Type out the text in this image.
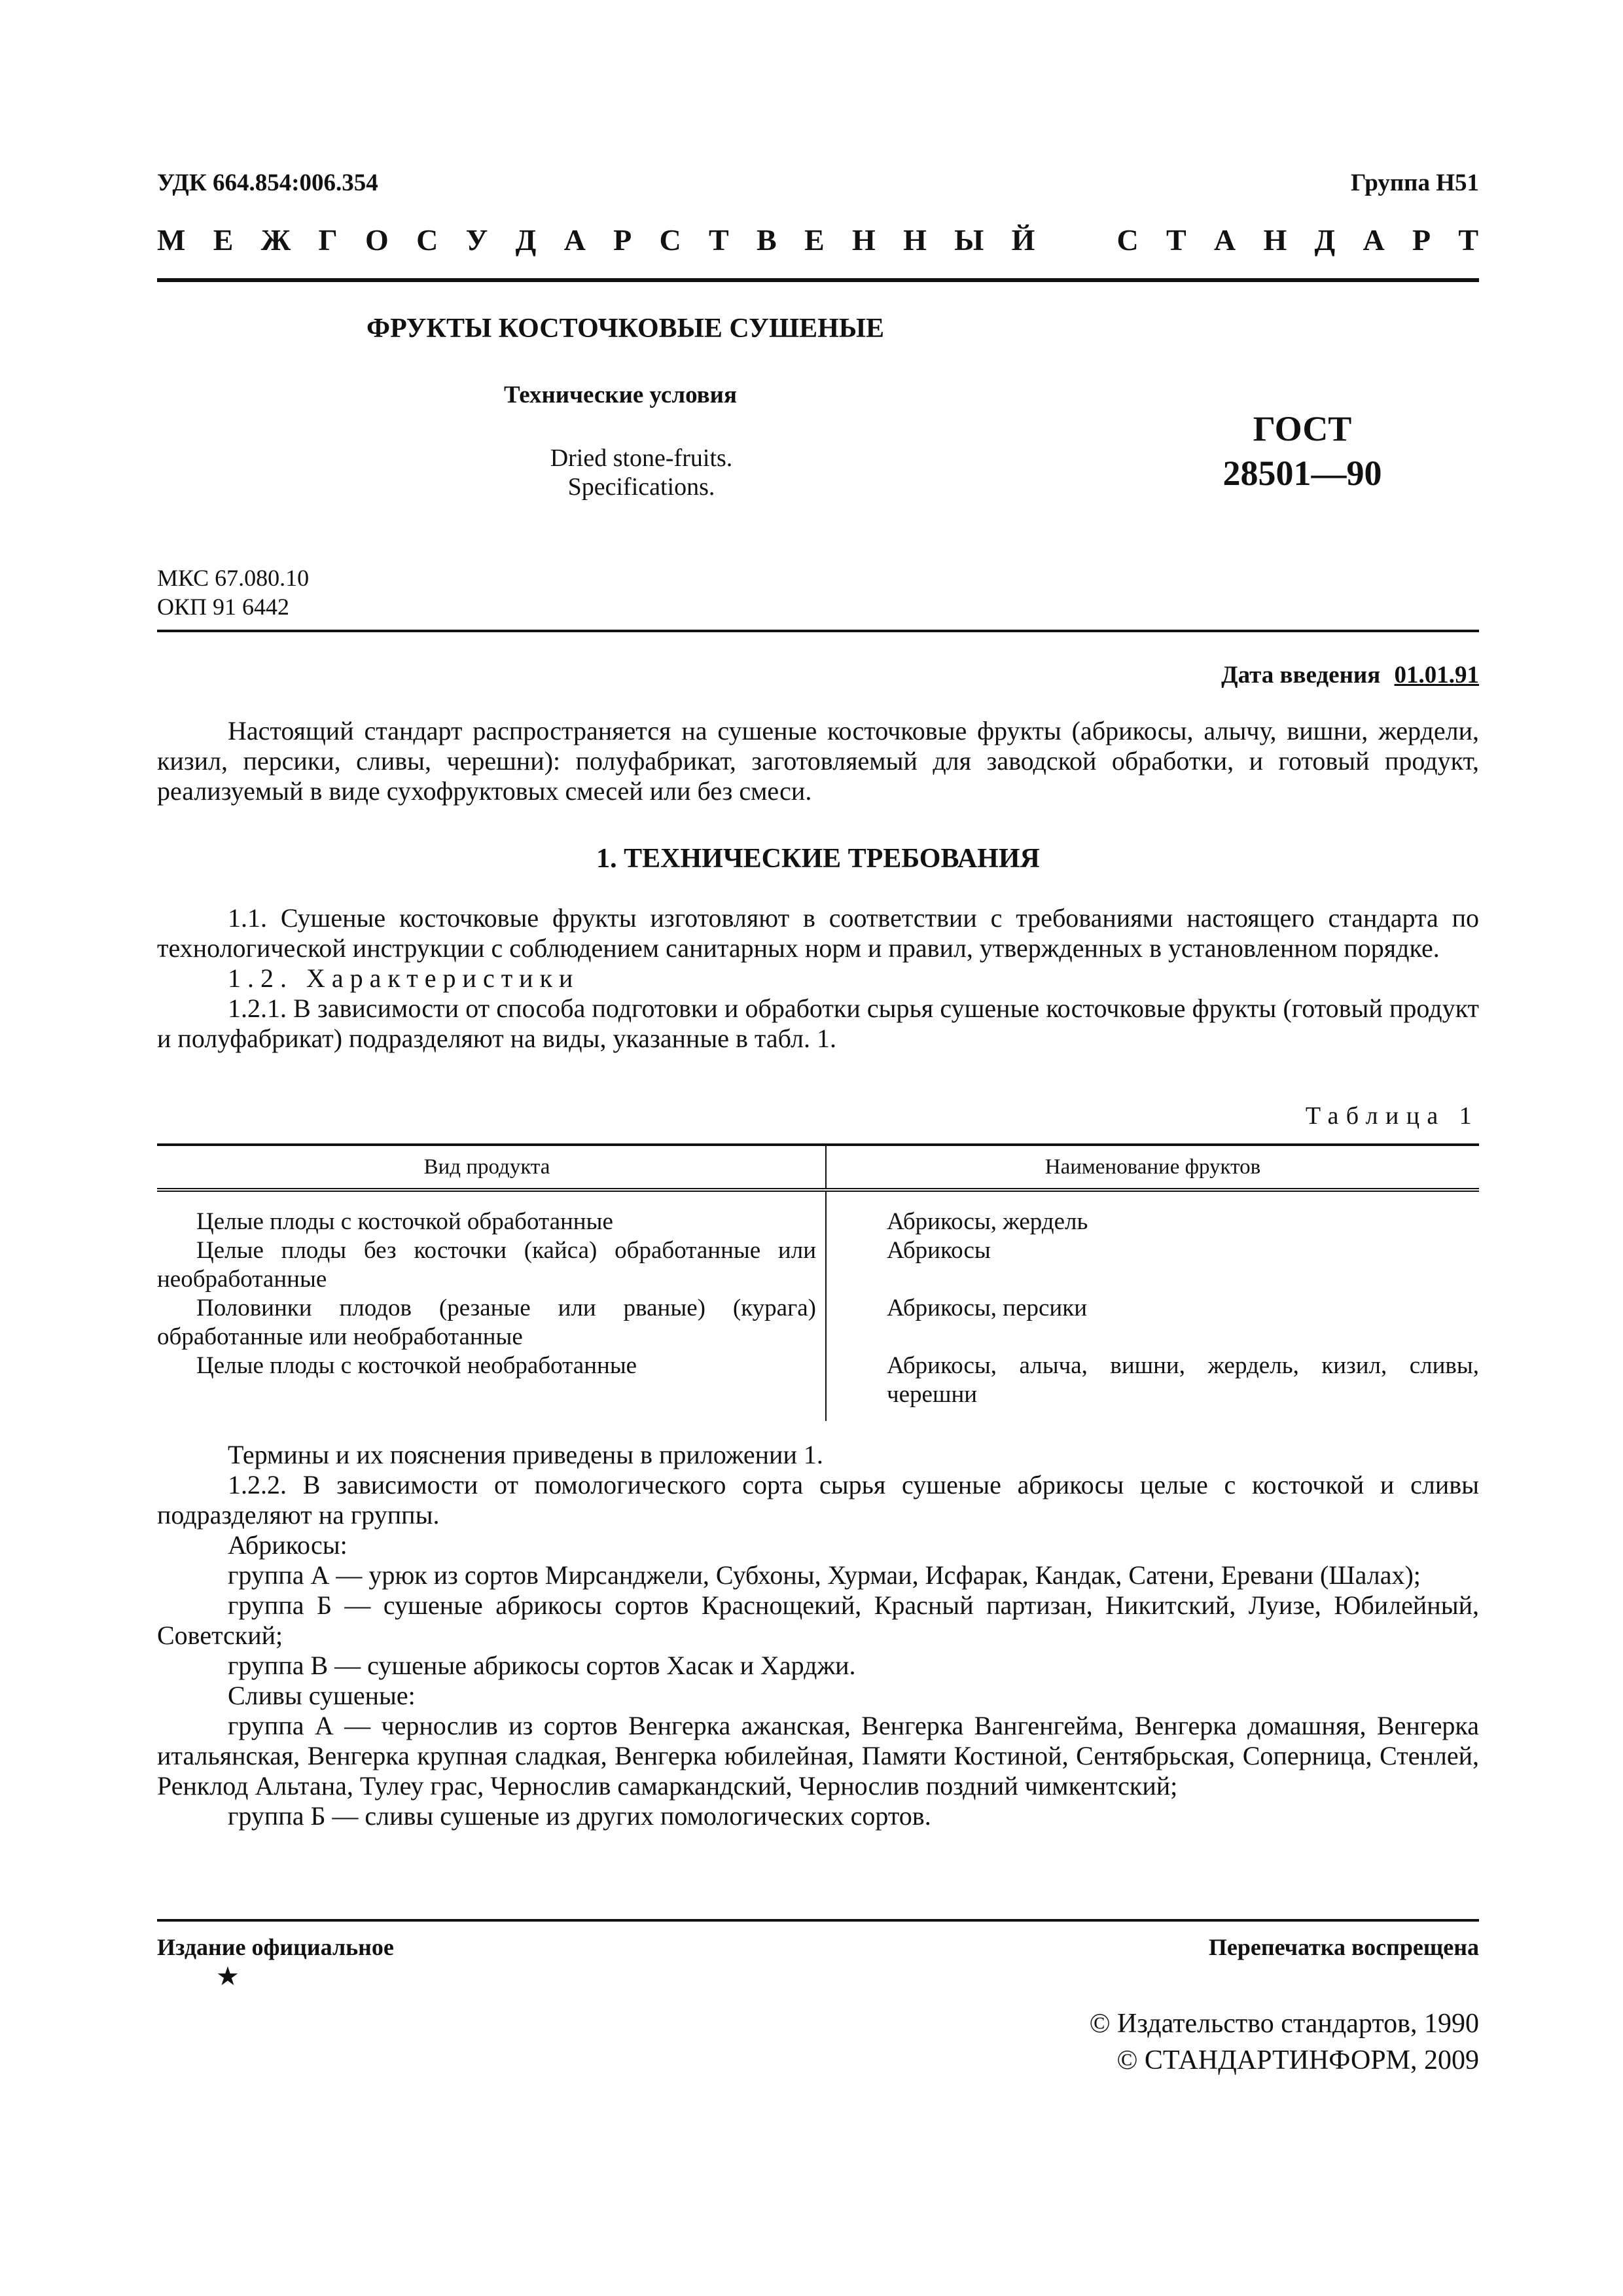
УДК 664.854:006.354	Группа Н51
М Е Ж Г О С У Д А Р С Т В Е Н Н Ы Й   С Т А Н Д А Р Т
ФРУКТЫ КОСТОЧКОВЫЕ СУШЕНЫЕ
Технические условия
Dried stone-fruits.
Specifications.
ГОСТ
28501—90
МКС 67.080.10
ОКП 91 6442
Дата введения 01.01.91

Настоящий стандарт распространяется на сушеные косточковые фрукты (абрикосы, алычу, вишни, жердели, кизил, персики, сливы, черешни): полуфабрикат, заготовляемый для заводской обработки, и готовый продукт, реализуемый в виде сухофруктовых смесей или без смеси.

1. ТЕХНИЧЕСКИЕ ТРЕБОВАНИЯ

1.1. Сушеные косточковые фрукты изготовляют в соответствии с требованиями настоящего стандарта по технологической инструкции с соблюдением санитарных норм и правил, утвержденных в установленном порядке.

1.2. Характеристики

1.2.1. В зависимости от способа подготовки и обработки сырья сушеные косточковые фрукты (готовый продукт и полуфабрикат) подразделяют на виды, указанные в табл. 1.

Таблица 1
Вид продукта	Наименование фруктов

Целые плоды с косточкой обработанные	Абрикосы, жердель

Целые плоды без косточки (кайса) обработанные или необработанные	Абрикосы

Половинки плодов (резаные или рваные) (курага) обработанные или необработанные	Абрикосы, персики

Целые плоды с косточкой необработанные	Абрикосы, алыча, вишни, жердель, кизил, сливы, черешни

Термины и их пояснения приведены в приложении 1.

1.2.2. В зависимости от помологического сорта сырья сушеные абрикосы целые с косточкой и сливы подразделяют на группы.

Абрикосы:

группа А — урюк из сортов Мирсанджели, Субхоны, Хурмаи, Исфарак, Кандак, Сатени, Еревани (Шалах);

группа Б — сушеные абрикосы сортов Краснощекий, Красный партизан, Никитский, Луизе, Юбилейный, Советский;

группа В — сушеные абрикосы сортов Хасак и Харджи.

Сливы сушеные:

группа А — чернослив из сортов Венгерка ажанская, Венгерка Вангенгейма, Венгерка домашняя, Венгерка итальянская, Венгерка крупная сладкая, Венгерка юбилейная, Памяти Костиной, Сентябрьская, Соперница, Стенлей, Ренклод Альтана, Тулеу грас, Чернослив самаркандский, Чернослив поздний чимкентский;

группа Б — сливы сушеные из других помологических сортов.

Издание официальное	Перепечатка воспрещена
★
© Издательство стандартов, 1990
© СТАНДАРТИНФОРМ, 2009
